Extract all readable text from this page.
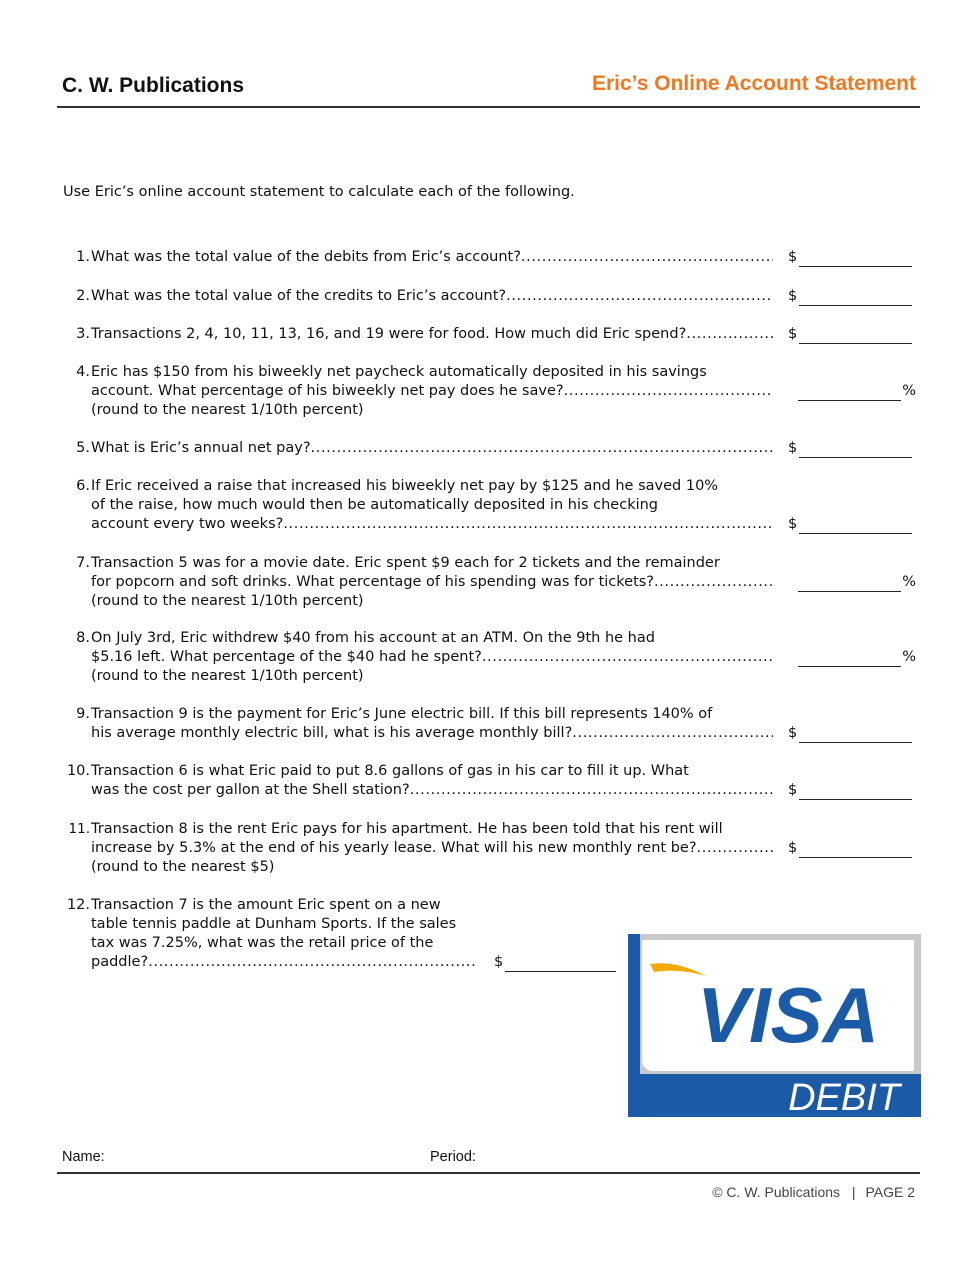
C. W. Publications	Eric’s Online Account Statement
Use Eric’s online account statement to calculate each of the following.
1. What was the total value of the debits from Eric’s account?
.....	$
2. What was the total value of the credits to Eric’s account?
.....	$
3. Transactions 2, 4, 10, 11, 13, 16, and 19 were for food. How much did Eric spend?
.....	$
4. Eric has $150 from his biweekly net paycheck automatically deposited in his savings
account. What percentage of his biweekly net pay does he save?
.....
(round to the nearest 1/10th percent)
%
5. What is Eric’s annual net pay?
.....	$
6. If Eric received a raise that increased his biweekly net pay by $125 and he saved 10%
of the raise, how much would then be automatically deposited in his checking
account every two weeks?
.....	$
7. Transaction 5 was for a movie date. Eric spent $9 each for 2 tickets and the remainder
for popcorn and soft drinks. What percentage of his spending was for tickets?
.....
(round to the nearest 1/10th percent)
%
8. On July 3rd, Eric withdrew $40 from his account at an ATM. On the 9th he had
$5.16 left. What percentage of the $40 had he spent?
.....
(round to the nearest 1/10th percent)
%
9. Transaction 9 is the payment for Eric’s June electric bill. If this bill represents 140% of
his average monthly electric bill, what is his average monthly bill?
.....	$
10. Transaction 6 is what Eric paid to put 8.6 gallons of gas in his car to fill it up. What
was the cost per gallon at the Shell station?
.....	$
11. Transaction 8 is the rent Eric pays for his apartment. He has been told that his rent will
increase by 5.3% at the end of his yearly lease. What will his new monthly rent be?
.....
(round to the nearest $5)
$
12. Transaction 7 is the amount Eric spent on a new
table tennis paddle at Dunham Sports. If the sales
tax was 7.25%, what was the retail price of the
paddle?
.....	$
VISA
DEBIT
Name:	Period:
© C. W. Publications | PAGE 2
